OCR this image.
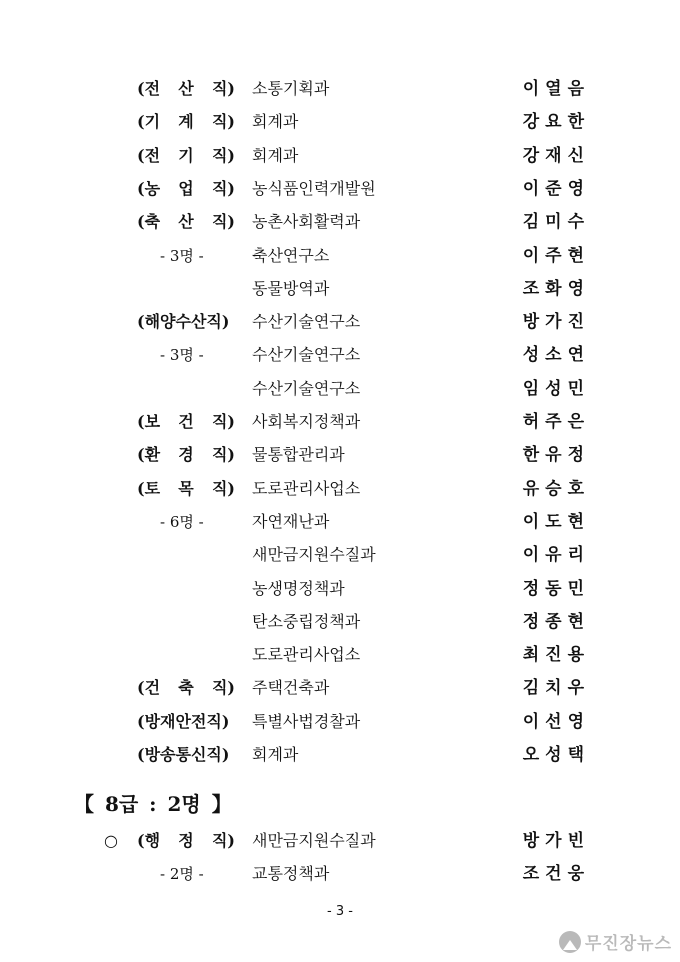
(전 산 직) 소통기획과	이열음
(기 계 직) 회계과	강요한
(전 기 직) 회계과	강재신
(농 업 직) 농식품인력개발원	이준영
(축 산 직) 농촌사회활력과	김미수
- 3명 -	축산연구소	이주현
동물방역과	조화영
(해양수산직) 수산기술연구소	방가진
- 3명 -	수산기술연구소	성소연
수산기술연구소	임성민
(보 건 직) 사회복지정책과	허주은
(환 경 직) 물통합관리과	한유정
(토 목 직) 도로관리사업소	유승호
- 6명 -	자연재난과	이도현
새만금지원수질과	이유리
농생명정책과	정동민
탄소중립정책과	정종현
도로관리사업소	최진용
(건 축 직) 주택건축과	김치우
(방재안전직) 특별사법경찰과	이선영
(방송통신직) 회계과	오성택
【 8급 : 2명 】
○ (행 정 직) 새만금지원수질과	방가빈
- 2명 -	교통정책과	조건웅
- 3 -
무진장뉴스
